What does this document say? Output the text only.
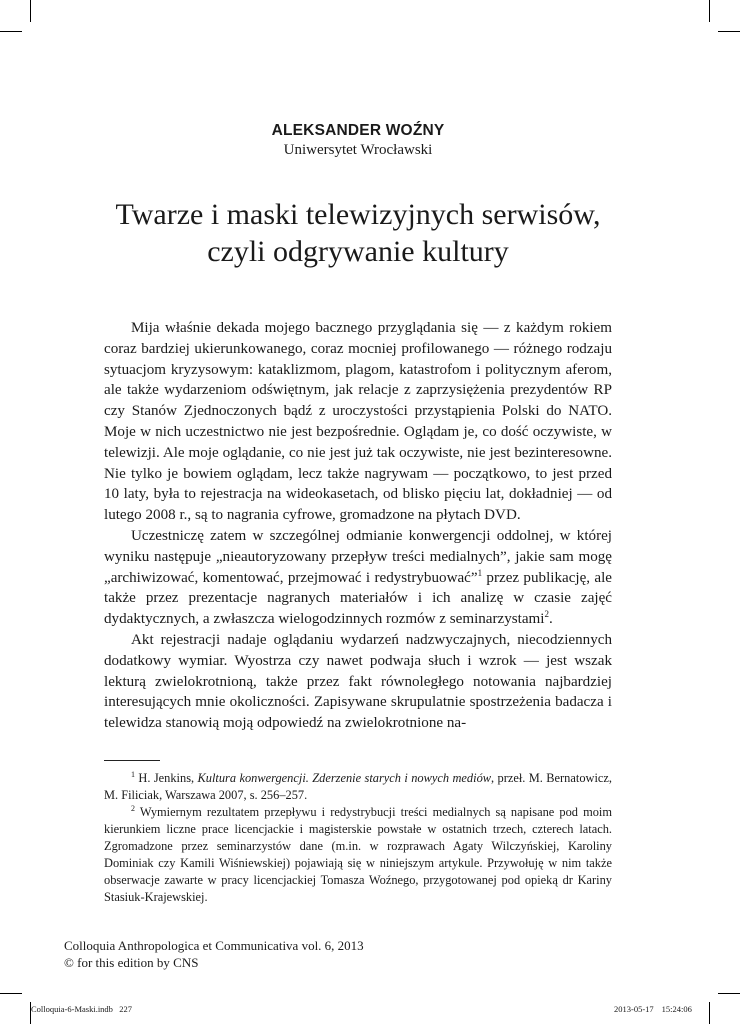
ALEKSANDER WOŹNY
Uniwersytet Wrocławski
Twarze i maski telewizyjnych serwisów,
czyli odgrywanie kultury

Mija właśnie dekada mojego bacznego przyglądania się — z każdym rokiem coraz bardziej ukierunkowanego, coraz mocniej profilowanego — różnego rodzaju sytuacjom kryzysowym: kataklizmom, plagom, katastrofom i politycznym aferom, ale także wydarzeniom odświętnym, jak relacje z zaprzysiężenia prezydentów RP czy Stanów Zjednoczonych bądź z uroczystości przystąpienia Polski do NATO. Moje w nich uczestnictwo nie jest bezpośrednie. Oglądam je, co dość oczywiste, w telewizji. Ale moje oglądanie, co nie jest już tak oczywiste, nie jest bezinteresowne. Nie tylko je bowiem oglądam, lecz także nagrywam — początkowo, to jest przed 10 laty, była to rejestracja na wideokasetach, od blisko pięciu lat, dokładniej — od lutego 2008 r., są to nagrania cyfrowe, gromadzone na płytach DVD.

Uczestniczę zatem w szczególnej odmianie konwergencji oddolnej, w której wyniku następuje „nieautoryzowany przepływ treści medialnych”, jakie sam mogę „archiwizować, komentować, przejmować i redystrybuować”$^1$ przez publikację, ale także przez prezentacje nagranych materiałów i ich analizę w czasie zajęć dydaktycznych, a zwłaszcza wielogodzinnych rozmów z seminarzystami$^2$.

Akt rejestracji nadaje oglądaniu wydarzeń nadzwyczajnych, niecodziennych dodatkowy wymiar. Wyostrza czy nawet podwaja słuch i wzrok — jest wszak lekturą zwielokrotnioną, także przez fakt równoległego notowania najbardziej interesujących mnie okoliczności. Zapisywane skrupulatnie spostrzeżenia badacza i telewidza stanowią moją odpowiedź na zwielokrotnione na-

$^1$ H. Jenkins, Kultura konwergencji. Zderzenie starych i nowych mediów, przeł. M. Bernatowicz, M. Filiciak, Warszawa 2007, s. 256–257.

$^2$ Wymiernym rezultatem przepływu i redystrybucji treści medialnych są napisane pod moim kierunkiem liczne prace licencjackie i magisterskie powstałe w ostatnich trzech, czterech latach. Zgromadzone przez seminarzystów dane (m.in. w rozprawach Agaty Wilczyńskiej, Karoliny Dominiak czy Kamili Wiśniewskiej) pojawiają się w niniejszym artykule. Przywołuję w nim także obserwacje zawarte w pracy licencjackiej Tomasza Woźnego, przygotowanej pod opieką dr Kariny Stasiuk-Krajewskiej.

Colloquia Anthropologica et Communicativa vol. 6, 2013
© for this edition by CNS
Colloquia-6-Maski.indb   227	2013-05-17 15:24:06
